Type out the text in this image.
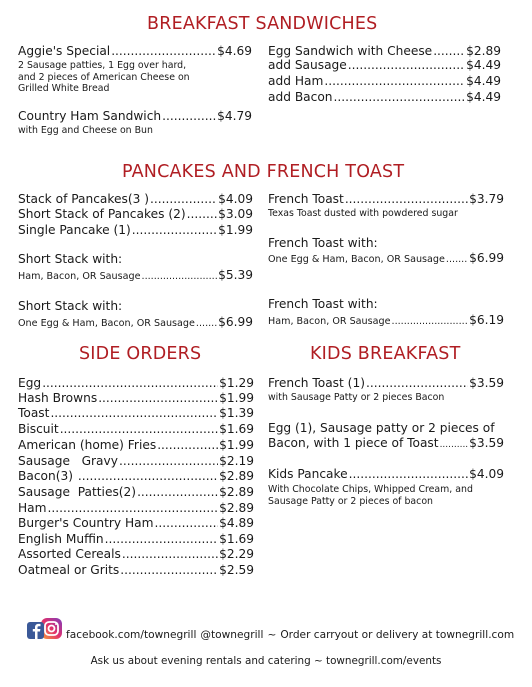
BREAKFAST SANDWICHES
Aggie's Special .....	$4.69
2 Sausage patties, 1 Egg over hard,
and 2 pieces of American Cheese on
Grilled White Bread
Country Ham Sandwich .....	$4.79
with Egg and Cheese on Bun
Egg Sandwich with Cheese .....	$2.89
add Sausage .....	$4.49
add Ham .....	$4.49
add Bacon .....	$4.49
PANCAKES AND FRENCH TOAST
Stack of Pancakes(3 ) .....	$4.09
Short Stack of Pancakes (2) .....	$3.09
Single Pancake (1) .....	$1.99
Short Stack with:
Ham, Bacon, OR Sausage .....	$5.39
Short Stack with:
One Egg & Ham, Bacon, OR Sausage ..... $6.99
French Toast .....	$3.79
Texas Toast dusted with powdered sugar
French Toast with:
One Egg & Ham, Bacon, OR Sausage ..... $6.99
French Toast with:
Ham, Bacon, OR Sausage .....	$6.19
SIDE ORDERS
Egg .....	$1.29
Hash Browns .....	$1.99
Toast .....	$1.39
Biscuit .....	$1.69
American (home) Fries .....	$1.99
Sausage   Gravy .....	$2.19
Bacon(3) .....	$2.89
Sausage  Patties(2) .....	$2.89
Ham .....	$2.89
Burger's Country Ham .....	$4.89
English Muffin .....	$1.69
Assorted Cereals .....	$2.29
Oatmeal or Grits .....	$2.59
KIDS BREAKFAST
French Toast (1) .....	$3.59
with Sausage Patty or 2 pieces Bacon
Egg (1), Sausage patty or 2 pieces of
Bacon, with 1 piece of Toast .....	$3.59
Kids Pancake .....	$4.09
With Chocolate Chips, Whipped Cream, and
Sausage Patty or 2 pieces of bacon
facebook.com/townegrill @townegrill ~ Order carryout or delivery at townegrill.com
Ask us about evening rentals and catering ~ townegrill.com/events
